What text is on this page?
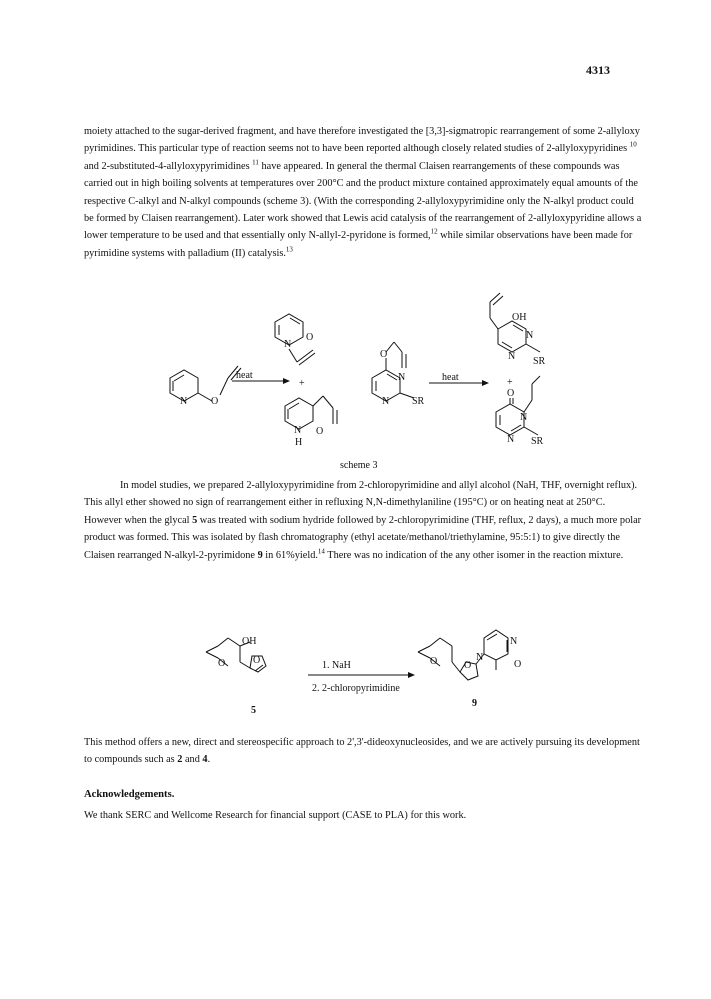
4313

moiety attached to the sugar-derived fragment, and have therefore investigated the [3,3]-sigmatropic rearrangement of some 2-allyloxy pyrimidines. This particular type of reaction seems not to have been reported although closely related studies of 2-allyloxypyridines $^{10}$ and 2-substituted-4-allyloxypyrimidines $^{11}$ have appeared. In general the thermal Claisen rearrangements of these compounds was carried out in high boiling solvents at temperatures over 200°C and the product mixture contained approximately equal amounts of the respective C-alkyl and N-alkyl compounds (scheme 3). (With the corresponding 2-allyloxypyrimidine only the N-alkyl product could be formed by Claisen rearrangement). Later work showed that Lewis acid catalysis of the rearrangement of 2-allyloxypyridine allows a lower temperature to be used and that essentially only N-allyl-2-pyridone is formed,$^{12}$ while similar observations have been made for pyrimidine systems with palladium (II) catalysis.$^{13}$

N O
heat
+
N
O
N O
H
O
N
N SR
heat
OH
N
N SR
+
O
N
N SR
scheme 3

In model studies, we prepared 2-allyloxypyrimidine from 2-chloropyrimidine and allyl alcohol (NaH, THF, overnight reflux). This allyl ether showed no sign of rearrangement either in refluxing N,N-dimethylaniline (195°C) or on heating neat at 250°C. However when the glycal 5 was treated with sodium hydride followed by 2-chloropyrimidine (THF, reflux, 2 days), a much more polar product was formed. This was isolated by flash chromatography (ethyl acetate/methanol/triethylamine, 95:5:1) to give directly the Claisen rearranged N-alkyl-2-pyrimidone 9 in 61%yield.$^{14}$ There was no indication of the any other isomer in the reaction mixture.

O
OH
O	1. NaH
2. 2-chloropyrimidine
O	O
N
N
O
5
9

This method offers a new, direct and stereospecific approach to 2',3'-dideoxynucleosides, and we are actively pursuing its development to compounds such as 2 and 4.

Acknowledgements.

We thank SERC and Wellcome Research for financial support (CASE to PLA) for this work.
